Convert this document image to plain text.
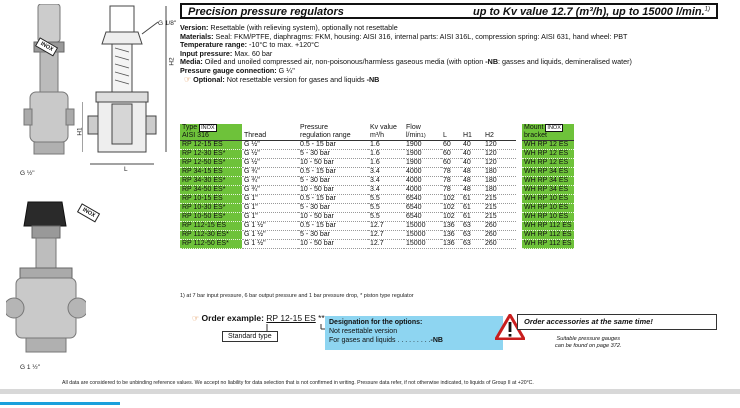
INOX
G ½"
G 1/8"
H2
H1
L
INOX
G 1 ½"
Precision pressure regulators	up to Kv value 12.7 (m³/h), up to 15000 l/min.$^{1)}$
Version: Resettable (with relieving system), optionally not resettable
Materials: Seal: FKM/PTFE, diaphragms: FKM, housing: AISI 316, internal parts: AISI 316L, compression spring: AISI 631, hand wheel: PBT
Temperature range: -10°C to max. +120°C
Input pressure: Max. 60 bar
Media: Oiled and unoiled compressed air, non-poisonous/harmless gaseous media (with option -NB: gasses and liquids, demineralised water)
Pressure gauge connection: G ¼"
☞ Optional: Not resettable version for gases and liquids -NB
Type $^{INOX}$		Pressure	Kv value	Flow					Mount $^{INOX}$
AISI 316	Thread	regulation range	m³/h	$l/\min^{1)}$	L	H1	H2		bracket
RP 12-15 ES	G ½"	0.5 - 15 bar	1.6	1900	60	40	120		WH RP 12 ES
RP 12-30 ES*	G ½"	5 - 30 bar	1.6	1900	60	40	120		WH RP 12 ES
RP 12-50 ES*	G ½"	10 - 50 bar	1.6	1900	60	40	120		WH RP 12 ES
RP 34-15 ES	G ¾"	0.5 - 15 bar	3.4	4000	78	48	180		WH RP 34 ES
RP 34-30 ES*	G ¾"	5 - 30 bar	3.4	4000	78	48	180		WH RP 34 ES
RP 34-50 ES*	G ¾"	10 - 50 bar	3.4	4000	78	48	180		WH RP 34 ES
RP 10-15 ES	G 1"	0.5 - 15 bar	5.5	6540	102	61	215		WH RP 10 ES
RP 10-30 ES*	G 1"	5 - 30 bar	5.5	6540	102	61	215		WH RP 10 ES
RP 10-50 ES*	G 1"	10 - 50 bar	5.5	6540	102	61	215		WH RP 10 ES
RP 112-15 ES	G 1 ½"	0.5 - 15 bar	12.7	15000	136	63	260		WH RP 112 ES
RP 112-30 ES*	G 1 ½"	5 - 30 bar	12.7	15000	136	63	260		WH RP 112 ES
RP 112-50 ES*	G 1 ½"	10 - 50 bar	12.7	15000	136	63	260		WH RP 112 ES
1) at 7 bar input pressure, 6 bar output pressure and 1 bar pressure drop, * piston type regulator
☞ Order example: RP 12-15 ES **
Standard type
Designation for the options:
Not resettable version
For gases and liquids . . . . . . . . .-NB
Order accessories at the same time!
Suitable pressure gauges
can be found on page 372.
All data are considered to be unbinding reference values. We accept no liability for data selection that is not confirmed in writing. Pressure data refer, if not otherwise indicated, to liquids of Group II at +20°C.
